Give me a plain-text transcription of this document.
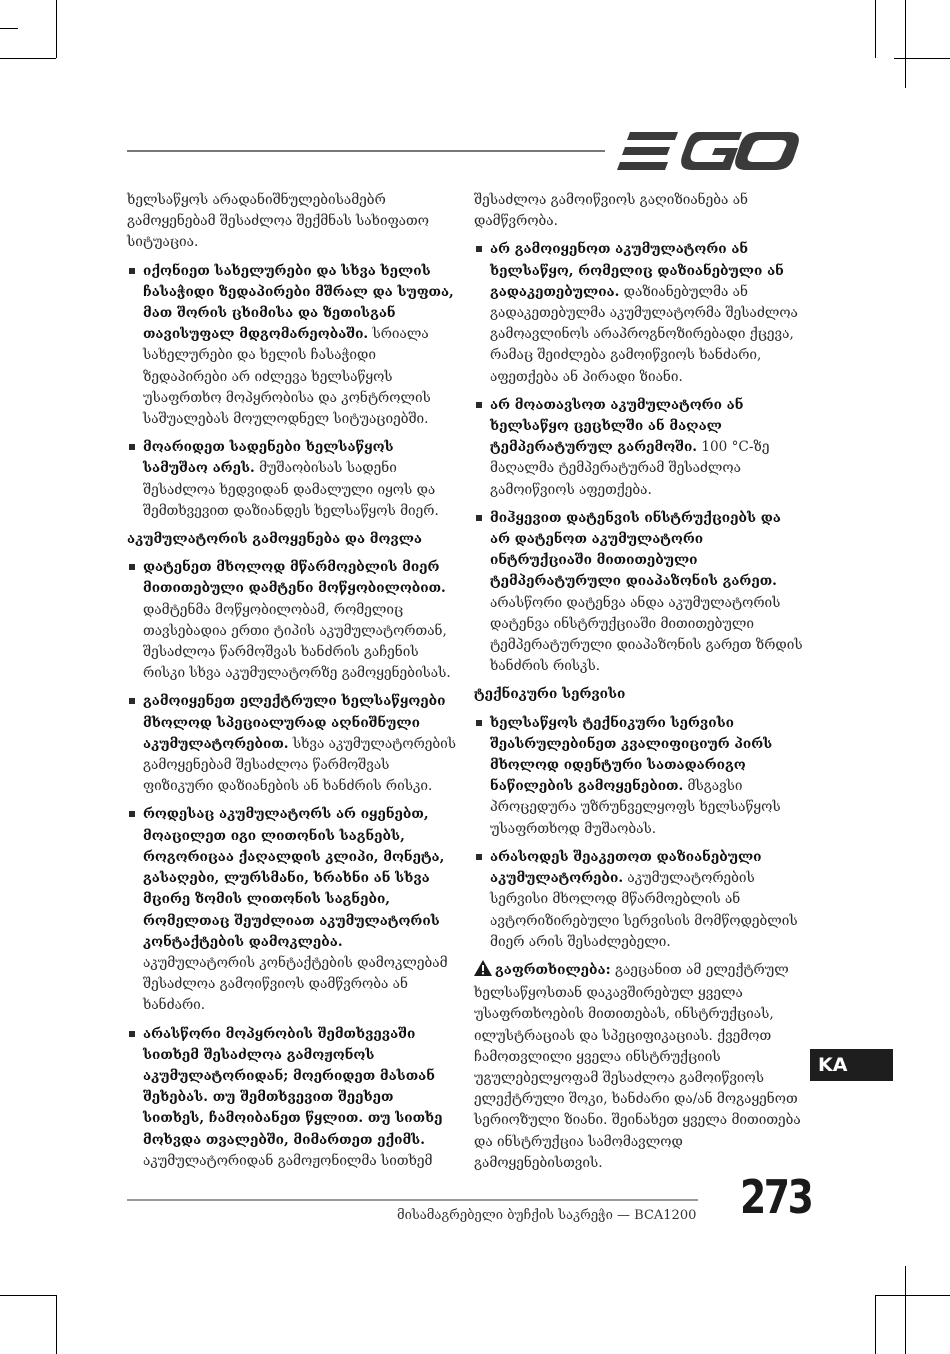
ხელსაწყოს არადანიშნულებისამებრ გამოყენებამ შესაძლოა შექმნას სახიფათო სიტუაცია.

იქონიეთ სახელურები და სხვა ხელის ჩასაჭიდი ზედაპირები მშრალ და სუფთა, მათ შორის ცხიმისა და ზეთისგან თავისუფალ მდგომარეობაში. სრიალა სახელურები და ხელის ჩასაჭიდი ზედაპირები არ იძლევა ხელსაწყოს უსაფრთხო მოპყრობისა და კონტროლის საშუალებას მოულოდნელ სიტუაციებში.
მოარიდეთ სადენები ხელსაწყოს სამუშაო არეს. მუშაობისას სადენი შესაძლოა ხედვიდან დამალული იყოს და შემთხვევით დაზიანდეს ხელსაწყოს მიერ.

აკუმულატორის გამოყენება და მოვლა

დატენეთ მხოლოდ მწარმოებლის მიერ მითითებული დამტენი მოწყობილობით. დამტენმა მოწყობილობამ, რომელიც თავსებადია ერთი ტიპის აკუმულატორთან, შესაძლოა წარმოშვას ხანძრის გაჩენის რისკი სხვა აკუმულატორზე გამოყენებისას.
გამოიყენეთ ელექტრული ხელსაწყოები მხოლოდ სპეციალურად აღნიშნული აკუმულატორებით. სხვა აკუმულატორების გამოყენებამ შესაძლოა წარმოშვას ფიზიკური დაზიანების ან ხანძრის რისკი.
როდესაც აკუმულატორს არ იყენებთ, მოაცილეთ იგი ლითონის საგნებს, როგორიცაა ქაღალდის კლიპი, მონეტა, გასაღები, ლურსმანი, ხრახნი ან სხვა მცირე ზომის ლითონის საგნები, რომელთაც შეუძლიათ აკუმულატორის კონტაქტების დამოკლება. აკუმულატორის კონტაქტების დამოკლებამ შესაძლოა გამოიწვიოს დამწვრობა ან ხანძარი.
არასწორი მოპყრობის შემთხვევაში სითხემ შესაძლოა გამოჟონოს აკუმულატორიდან; მოერიდეთ მასთან შეხებას. თუ შემთხვევით შეეხეთ სითხეს, ჩამოიბანეთ წყლით. თუ სითხე მოხვდა თვალებში, მიმართეთ ექიმს. აკუმულატორიდან გამოჟონილმა სითხემ

შესაძლოა გამოიწვიოს გაღიზიანება ან დამწვრობა.

არ გამოიყენოთ აკუმულატორი ან ხელსაწყო, რომელიც დაზიანებული ან გადაკეთებულია. დაზიანებულმა ან გადაკეთებულმა აკუმულატორმა შესაძლოა გამოავლინოს არაპროგნოზირებადი ქცევა, რამაც შეიძლება გამოიწვიოს ხანძარი, აფეთქება ან პირადი ზიანი.
არ მოათავსოთ აკუმულატორი ან ხელსაწყო ცეცხლში ან მაღალ ტემპერატურულ გარემოში. 100 °C-ზე მაღალმა ტემპერატურამ შესაძლოა გამოიწვიოს აფეთქება.
მიჰყევით დატენვის ინსტრუქციებს და არ დატენოთ აკუმულატორი ინტრუქციაში მითითებული ტემპერატურული დიაპაზონის გარეთ. არასწორი დატენვა ანდა აკუმულატორის დატენვა ინსტრუქციაში მითითებული ტემპერატურული დიაპაზონის გარეთ ზრდის ხანძრის რისკს.

ტექნიკური სერვისი

ხელსაწყოს ტექნიკური სერვისი შეასრულებინეთ კვალიფიციურ პირს მხოლოდ იდენტური სათადარიგო ნაწილების გამოყენებით. მსგავსი პროცედურა უზრუნველყოფს ხელსაწყოს უსაფრთხოდ მუშაობას.
არასოდეს შეაკეთოთ დაზიანებული აკუმულატორები. აკუმულატორების სერვისი მხოლოდ მწარმოებლის ან ავტორიზირებული სერვისის მომწოდებლის მიერ არის შესაძლებელი.

გაფრთხილება: გაეცანით ამ ელექტრულ ხელსაწყოსთან დაკავშირებულ ყველა უსაფრთხოების მითითებას, ინსტრუქციას, ილუსტრაციას და სპეციფიკაციას. ქვემოთ ჩამოთვლილი ყველა ინსტრუქციის უგულებელყოფამ შესაძლოა გამოიწვიოს ელექტრული შოკი, ხანძარი და/ან მოგაყენოთ სერიოზული ზიანი. შეინახეთ ყველა მითითება და ინსტრუქცია სამომავლოდ გამოყენებისთვის.

KA
მისამაგრებელი ბუჩქის საკრეჭი — BCA1200 273
